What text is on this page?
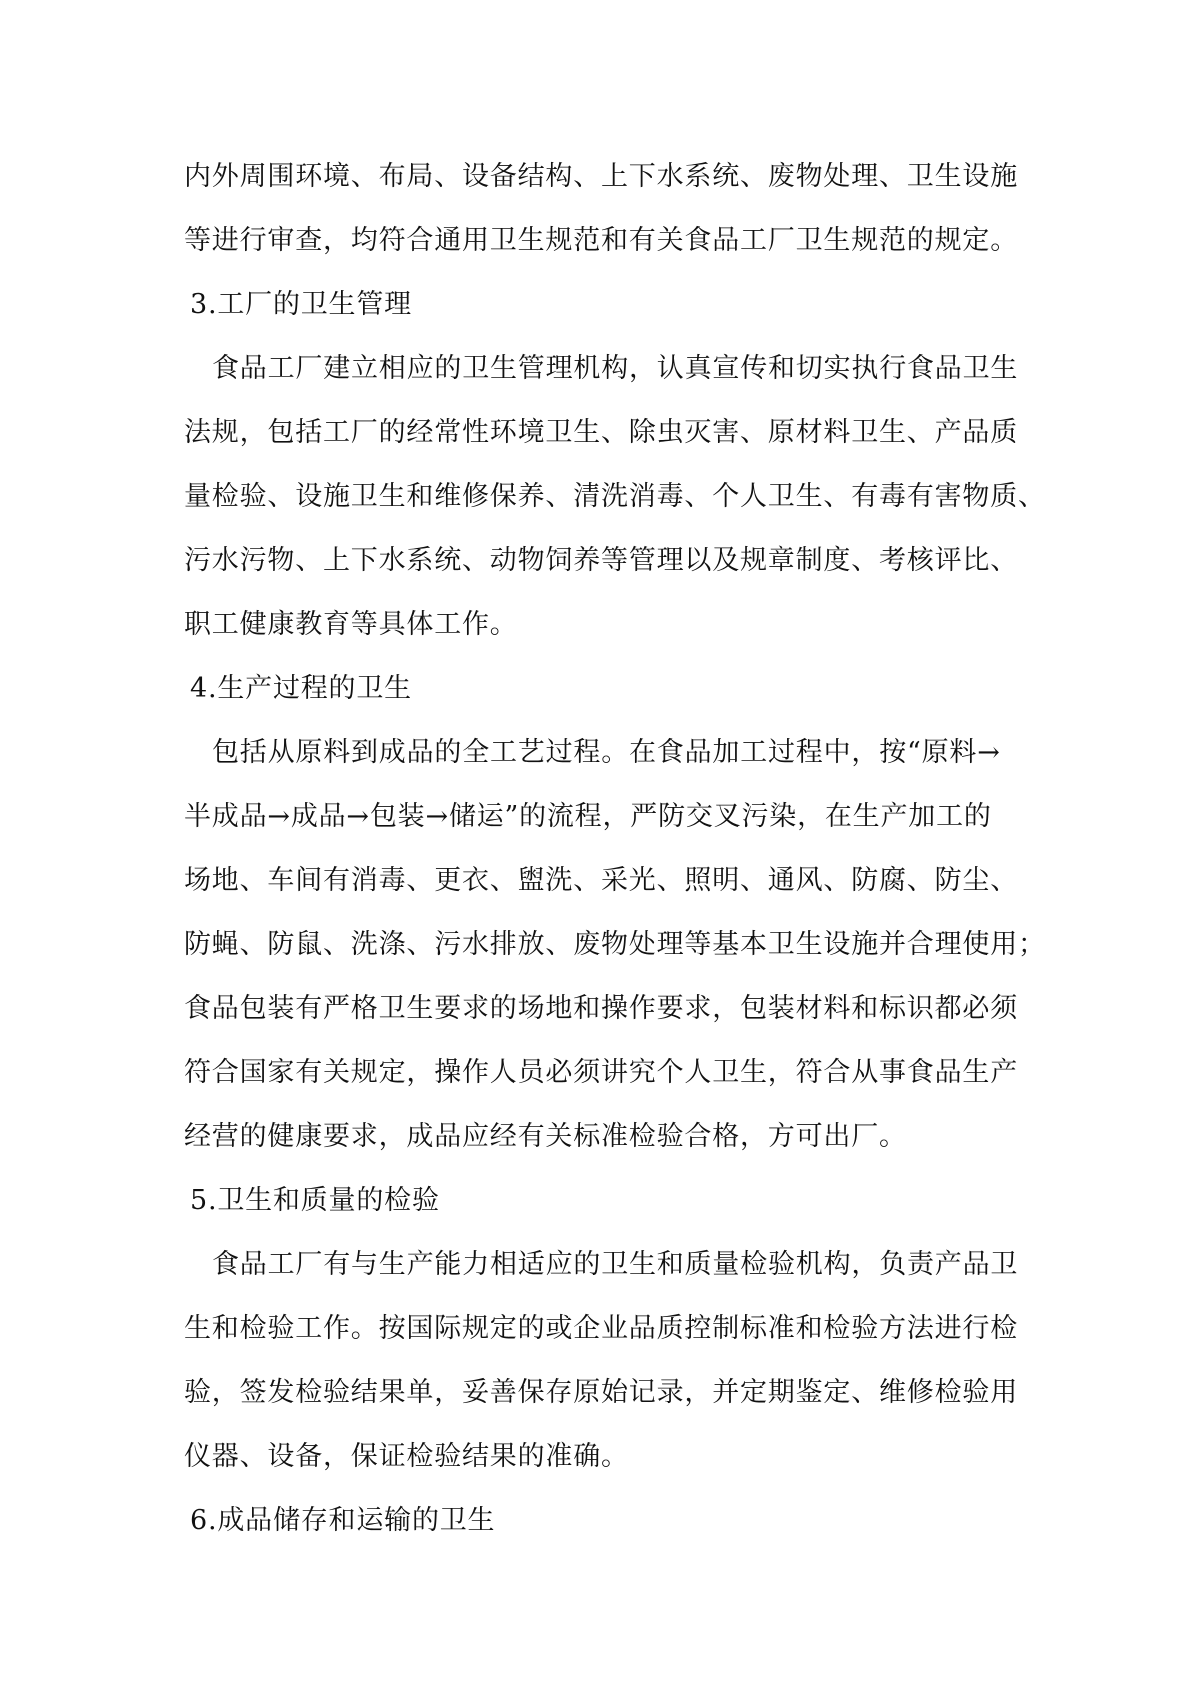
内外周围环境、布局、设备结构、上下水系统、废物处理、卫生设施
等进行审查，均符合通用卫生规范和有关食品工厂卫生规范的规定。
3.工厂的卫生管理
食品工厂建立相应的卫生管理机构，认真宣传和切实执行食品卫生
法规，包括工厂的经常性环境卫生、除虫灭害、原材料卫生、产品质
量检验、设施卫生和维修保养、清洗消毒、个人卫生、有毒有害物质、
污水污物、上下水系统、动物饲养等管理以及规章制度、考核评比、
职工健康教育等具体工作。
4.生产过程的卫生
包括从原料到成品的全工艺过程。在食品加工过程中，按“原料→
半成品→成品→包装→储运”的流程，严防交叉污染，在生产加工的
场地、车间有消毒、更衣、盥洗、采光、照明、通风、防腐、防尘、
防蝇、防鼠、洗涤、污水排放、废物处理等基本卫生设施并合理使用；
食品包装有严格卫生要求的场地和操作要求，包装材料和标识都必须
符合国家有关规定，操作人员必须讲究个人卫生，符合从事食品生产
经营的健康要求，成品应经有关标准检验合格，方可出厂。
5.卫生和质量的检验
食品工厂有与生产能力相适应的卫生和质量检验机构，负责产品卫
生和检验工作。按国际规定的或企业品质控制标准和检验方法进行检
验，签发检验结果单，妥善保存原始记录，并定期鉴定、维修检验用
仪器、设备，保证检验结果的准确。
6.成品储存和运输的卫生
